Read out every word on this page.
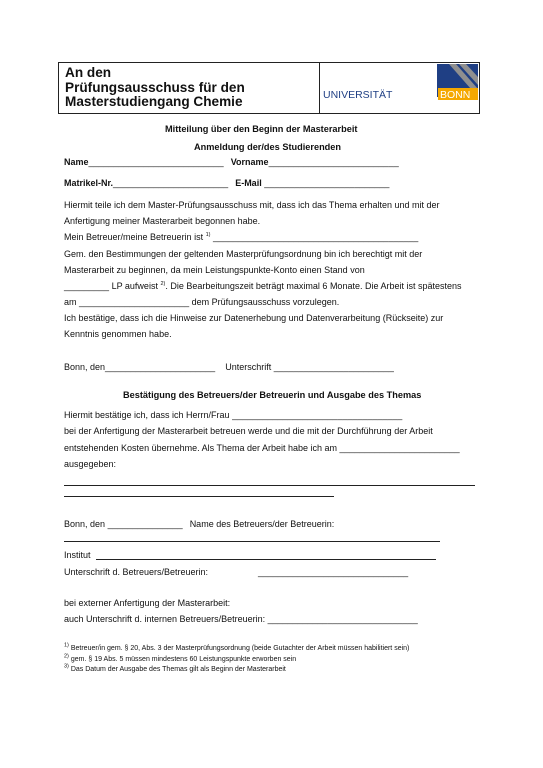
An den
Prüfungsausschuss für den
Masterstudiengang Chemie	UNIVERSITÄT	BONN
Mitteilung über den Beginn der Masterarbeit
Anmeldung der/des Studierenden
Name___________________________ Vorname__________________________
Matrikel-Nr._______________________ E-Mail _________________________
Hiermit teile ich dem Master-Prüfungsausschuss mit, dass ich das Thema erhalten und mit der
Anfertigung meiner Masterarbeit begonnen habe.
Mein Betreuer/meine Betreuerin ist $^{1)}$ _________________________________________
Gem. den Bestimmungen der geltenden Masterprüfungsordnung bin ich berechtigt mit der
Masterarbeit zu beginnen, da mein Leistungspunkte-Konto einen Stand von
_________ LP aufweist $^{2)}$. Die Bearbeitungszeit beträgt maximal 6 Monate. Die Arbeit ist spätestens
am ______________________ dem Prüfungsausschuss vorzulegen.
Ich bestätige, dass ich die Hinweise zur Datenerhebung und Datenverarbeitung (Rückseite) zur
Kenntnis genommen habe.
Bonn, den______________________ Unterschrift ________________________
Bestätigung des Betreuers/der Betreuerin und Ausgabe des Themas
Hiermit bestätige ich, dass ich Herrn/Frau __________________________________
bei der Anfertigung der Masterarbeit betreuen werde und die mit der Durchführung der Arbeit
entstehenden Kosten übernehme. Als Thema der Arbeit habe ich am ________________________
ausgegeben:
Bonn, den _______________ Name des Betreuers/der Betreuerin:
Institut
Unterschrift d. Betreuers/Betreuerin:	______________________________
bei externer Anfertigung der Masterarbeit:
auch Unterschrift d. internen Betreuers/Betreuerin: ______________________________
$^{1)}$ Betreuer/in gem. § 20, Abs. 3 der Masterprüfungsordnung (beide Gutachter der Arbeit müssen habilitiert sein)
$^{2)}$ gem. § 19 Abs. 5 müssen mindestens 60 Leistungspunkte erworben sein
$^{3)}$ Das Datum der Ausgabe des Themas gilt als Beginn der Masterarbeit
